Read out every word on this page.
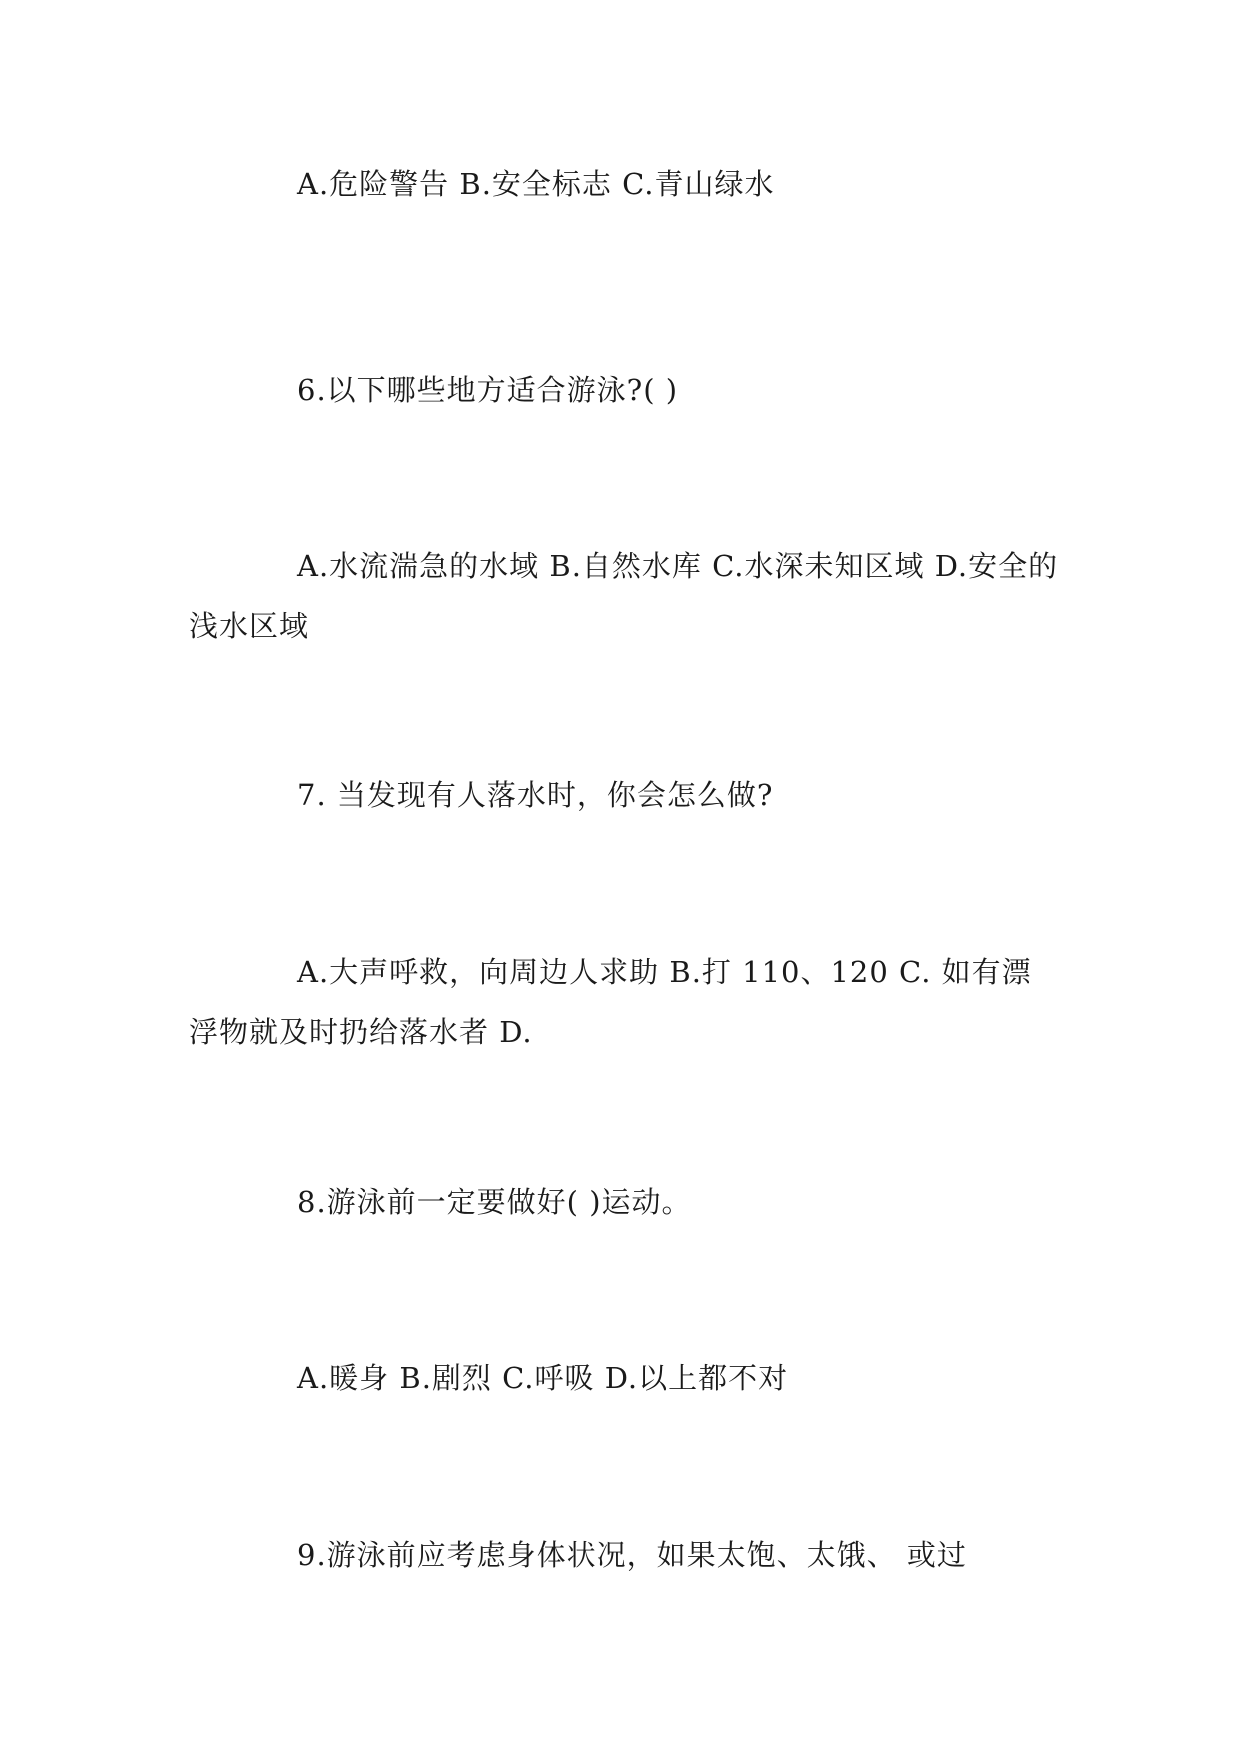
A.危险警告 B.安全标志 C.青山绿水

6.以下哪些地方适合游泳?( )

A.水流湍急的水域 B.自然水库 C.水深未知区域 D.安全的浅水区域

7. 当发现有人落水时，你会怎么做?

A.大声呼救，向周边人求助 B.打 110、120 C. 如有漂浮物就及时扔给落水者 D.

8.游泳前一定要做好( )运动。

A.暖身 B.剧烈 C.呼吸 D.以上都不对

9.游泳前应考虑身体状况，如果太饱、太饿、 或过
